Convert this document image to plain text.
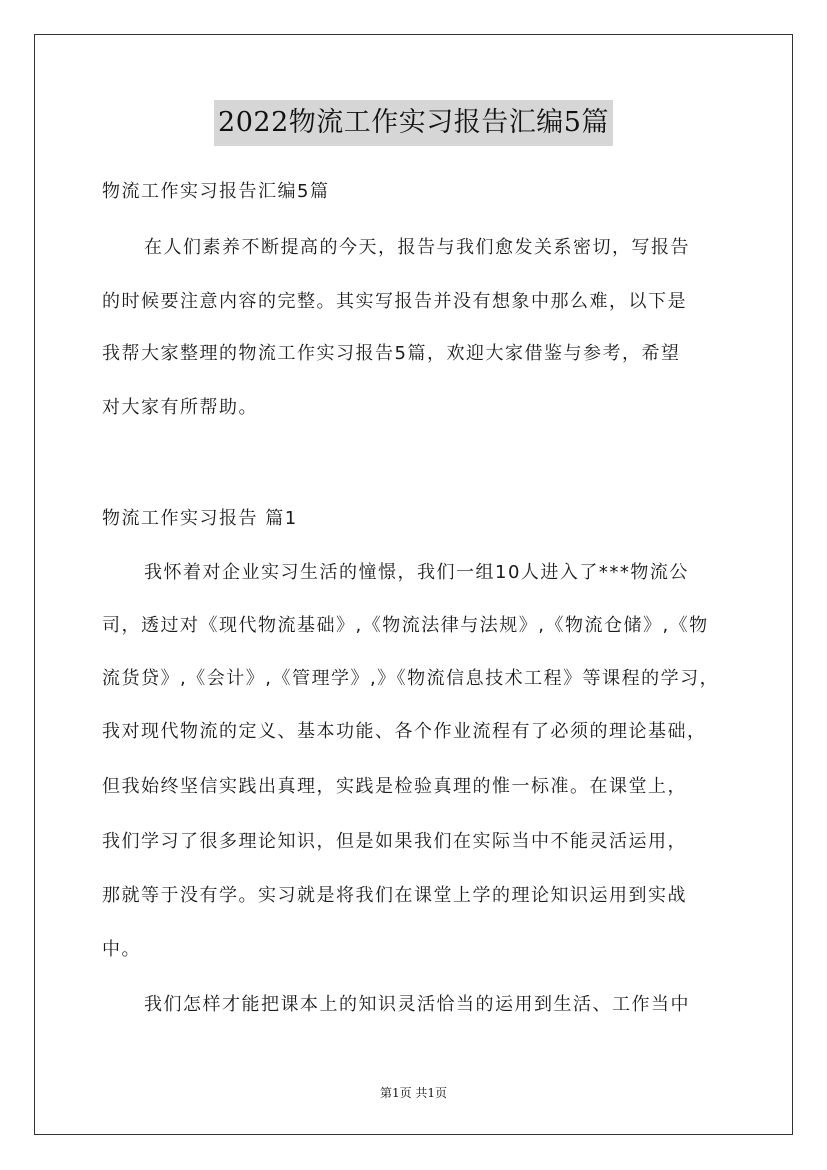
2022物流工作实习报告汇编5篇
物流工作实习报告汇编5篇
在人们素养不断提高的今天，报告与我们愈发关系密切，写报告
的时候要注意内容的完整。其实写报告并没有想象中那么难，以下是
我帮大家整理的物流工作实习报告5篇，欢迎大家借鉴与参考，希望
对大家有所帮助。
物流工作实习报告 篇1
我怀着对企业实习生活的憧憬，我们一组10人进入了***物流公
司，透过对《现代物流基础》,《物流法律与法规》,《物流仓储》,《物
流货贷》,《会计》,《管理学》,》《物流信息技术工程》等课程的学习，
我对现代物流的定义、基本功能、各个作业流程有了必须的理论基础，
但我始终坚信实践出真理，实践是检验真理的惟一标准。在课堂上，
我们学习了很多理论知识，但是如果我们在实际当中不能灵活运用，
那就等于没有学。实习就是将我们在课堂上学的理论知识运用到实战
中。
我们怎样才能把课本上的知识灵活恰当的运用到生活、工作当中
第1页 共1页
